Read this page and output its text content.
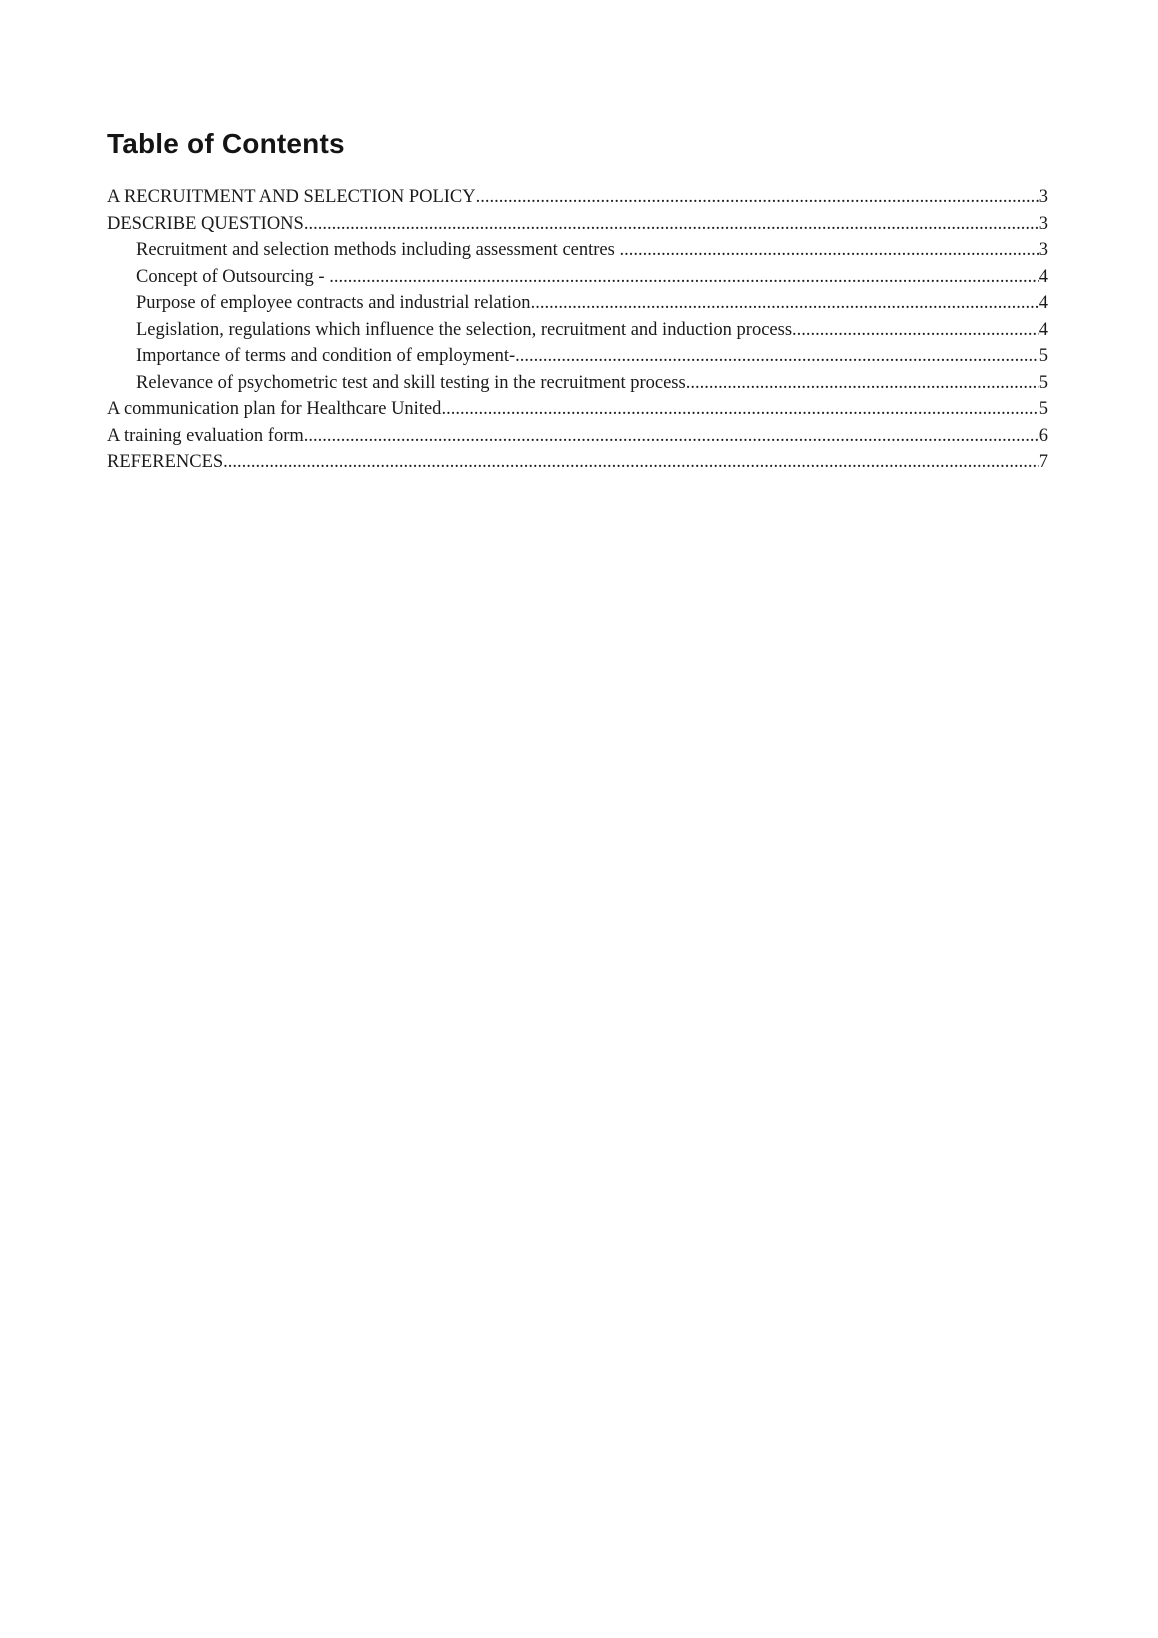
Table of Contents
A RECRUITMENT AND SELECTION POLICY .....	3
DESCRIBE QUESTIONS .....	3
Recruitment and selection methods including assessment centres .....	3
Concept of Outsourcing - .....	4
Purpose of employee contracts and industrial relation .....	4
Legislation, regulations which influence the selection, recruitment and induction process .....	4
Importance of terms and condition of employment- .....	5
Relevance of psychometric test and skill testing in the recruitment process .....	5
A communication plan for Healthcare United .....	5
A training evaluation form .....	6
REFERENCES .....	7
